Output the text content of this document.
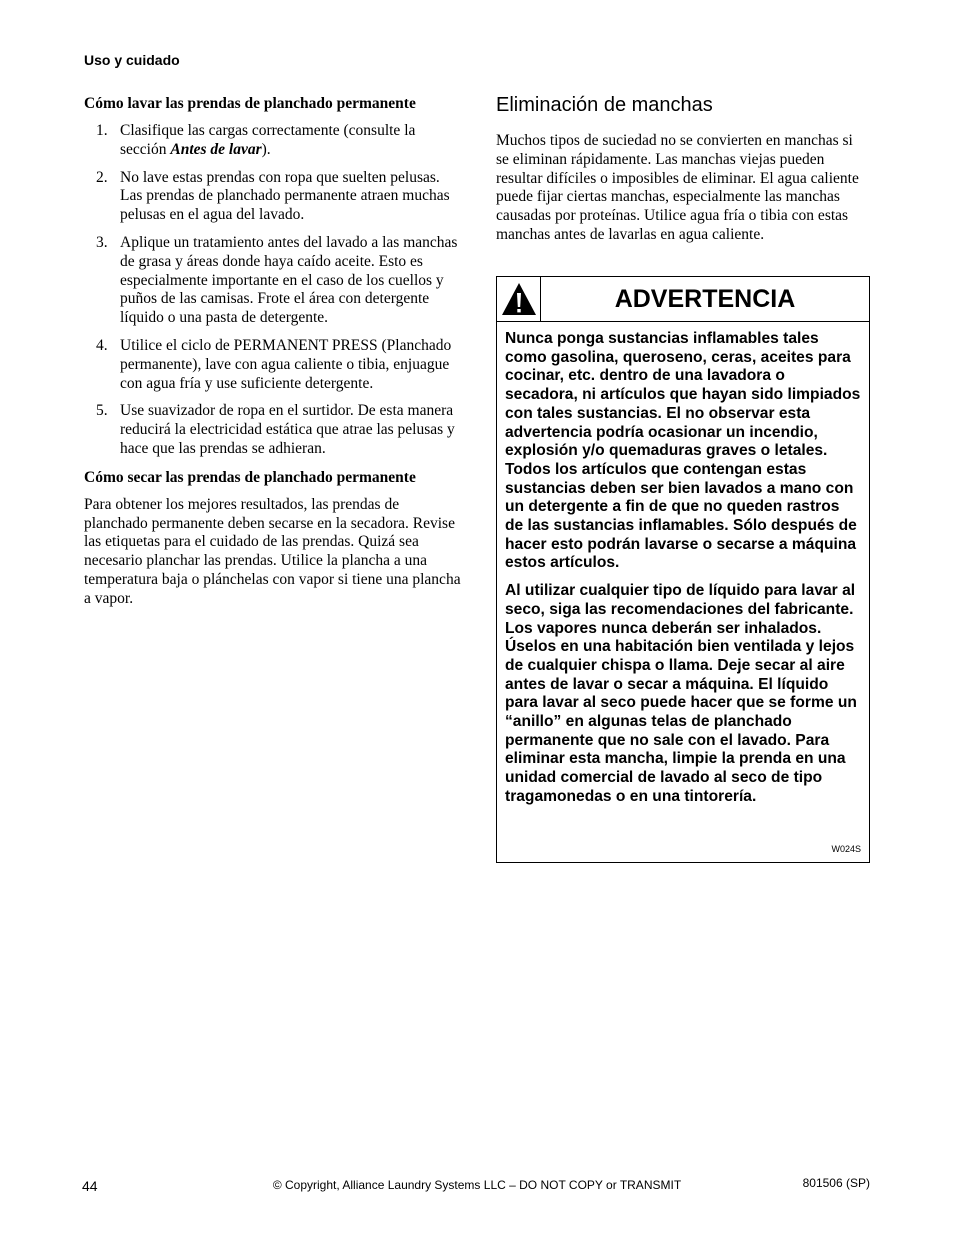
Uso y cuidado
Cómo lavar las prendas de planchado permanente
1. Clasifique las cargas correctamente (consulte la sección Antes de lavar).
2. No lave estas prendas con ropa que suelten pelusas. Las prendas de planchado permanente atraen muchas pelusas en el agua del lavado.
3. Aplique un tratamiento antes del lavado a las manchas de grasa y áreas donde haya caído aceite. Esto es especialmente importante en el caso de los cuellos y puños de las camisas. Frote el área con detergente líquido o una pasta de detergente.
4. Utilice el ciclo de PERMANENT PRESS (Planchado permanente), lave con agua caliente o tibia, enjuague con agua fría y use suficiente detergente.
5. Use suavizador de ropa en el surtidor. De esta manera reducirá la electricidad estática que atrae las pelusas y hace que las prendas se adhieran.
Cómo secar las prendas de planchado permanente

Para obtener los mejores resultados, las prendas de planchado permanente deben secarse en la secadora. Revise las etiquetas para el cuidado de las prendas. Quizá sea necesario planchar las prendas. Utilice la plancha a una temperatura baja o plánchelas con vapor si tiene una plancha a vapor.

Eliminación de manchas

Muchos tipos de suciedad no se convierten en manchas si se eliminan rápidamente. Las manchas viejas pueden resultar difíciles o imposibles de eliminar. El agua caliente puede fijar ciertas manchas, especialmente las manchas causadas por proteínas. Utilice agua fría o tibia con estas manchas antes de lavarlas en agua caliente.

ADVERTENCIA

Nunca ponga sustancias inflamables tales como gasolina, queroseno, ceras, aceites para cocinar, etc. dentro de una lavadora o secadora, ni artículos que hayan sido limpiados con tales sustancias. El no observar esta advertencia podría ocasionar un incendio, explosión y/o quemaduras graves o letales. Todos los artículos que contengan estas sustancias deben ser bien lavados a mano con un detergente a fin de que no queden rastros de las sustancias inflamables. Sólo después de hacer esto podrán lavarse o secarse a máquina estos artículos.

Al utilizar cualquier tipo de líquido para lavar al seco, siga las recomendaciones del fabricante. Los vapores nunca deberán ser inhalados. Úselos en una habitación bien ventilada y lejos de cualquier chispa o llama. Deje secar al aire antes de lavar o secar a máquina. El líquido para lavar al seco puede hacer que se forme un “anillo” en algunas telas de planchado permanente que no sale con el lavado. Para eliminar esta mancha, limpie la prenda en una unidad comercial de lavado al seco de tipo tragamonedas o en una tintorería.

W024S
44	© Copyright, Alliance Laundry Systems LLC – DO NOT COPY or TRANSMIT	801506 (SP)
